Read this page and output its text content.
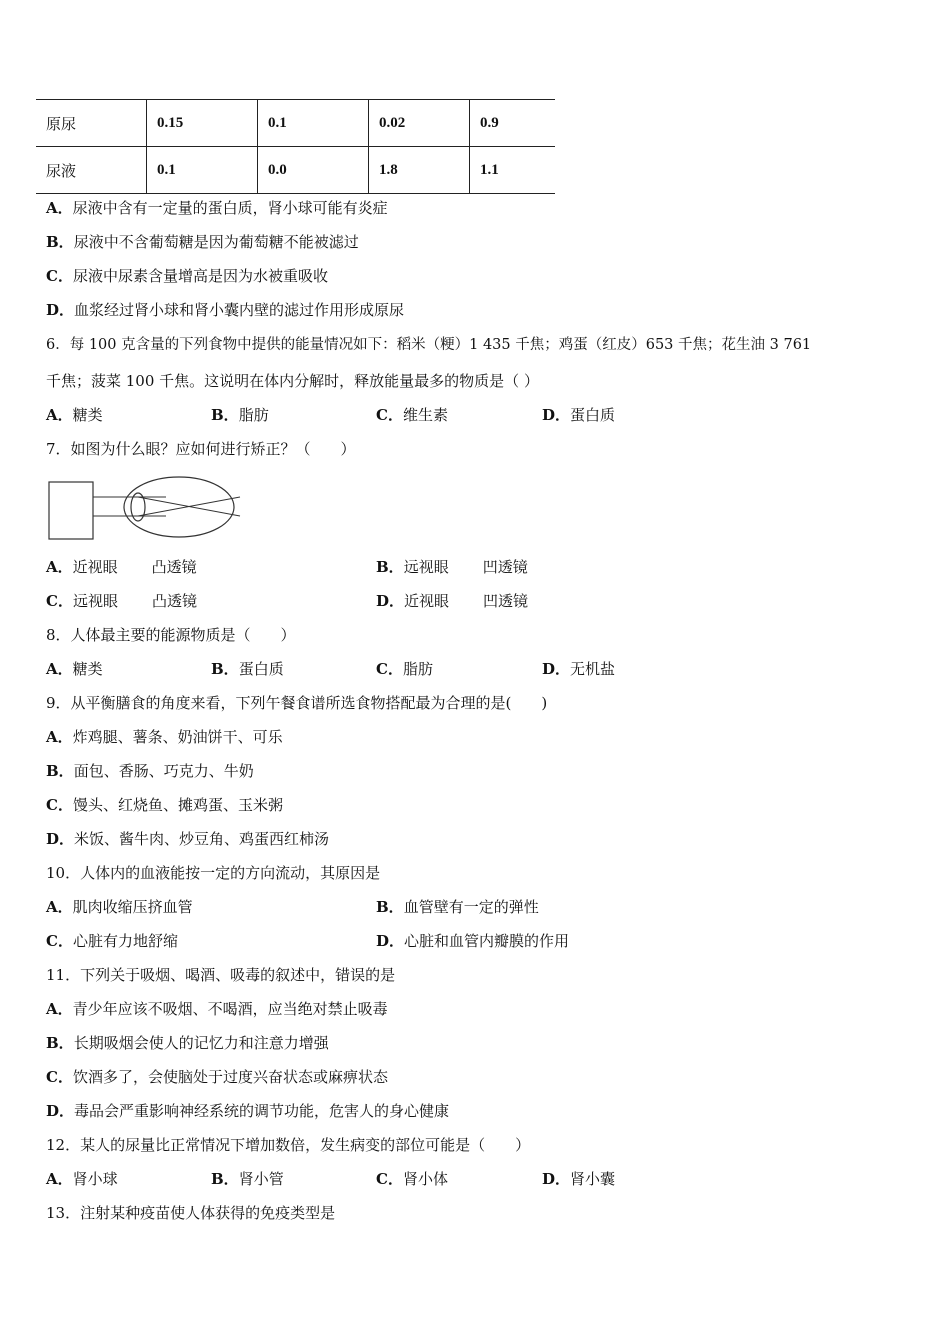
原尿	0.15	0.1	0.02	0.9
尿液	0.1	0.0	1.8	1.1
A．尿液中含有一定量的蛋白质，肾小球可能有炎症
B．尿液中不含葡萄糖是因为葡萄糖不能被滤过
C．尿液中尿素含量增高是因为水被重吸收
D．血浆经过肾小球和肾小囊内壁的滤过作用形成原尿
6．每 100 克含量的下列食物中提供的能量情况如下：稻米（粳）1 435 千焦；鸡蛋（红皮）653 千焦；花生油 3 761
千焦；菠菜 100 千焦。这说明在体内分解时，释放能量最多的物质是（ ）
A．糖类	B．脂肪	C．维生素	D．蛋白质
7．如图为什么眼？应如何进行矫正？（　　）
A．近视眼 凸透镜	B．远视眼 凹透镜
C．远视眼 凸透镜	D．近视眼 凹透镜
8．人体最主要的能源物质是（　　）
A．糖类	B．蛋白质	C．脂肪	D．无机盐
9．从平衡膳食的角度来看，下列午餐食谱所选食物搭配最为合理的是(　　)
A．炸鸡腿、薯条、奶油饼干、可乐
B．面包、香肠、巧克力、牛奶
C．馒头、红烧鱼、摊鸡蛋、玉米粥
D．米饭、酱牛肉、炒豆角、鸡蛋西红柿汤
10．人体内的血液能按一定的方向流动，其原因是
A．肌肉收缩压挤血管	B．血管壁有一定的弹性
C．心脏有力地舒缩	D．心脏和血管内瓣膜的作用
11．下列关于吸烟、喝酒、吸毒的叙述中，错误的是
A．青少年应该不吸烟、不喝酒，应当绝对禁止吸毒
B．长期吸烟会使人的记忆力和注意力增强
C．饮酒多了，会使脑处于过度兴奋状态或麻痹状态
D．毒品会严重影响神经系统的调节功能，危害人的身心健康
12．某人的尿量比正常情况下增加数倍，发生病变的部位可能是（　　）
A．肾小球	B．肾小管	C．肾小体	D．肾小囊
13．注射某种疫苗使人体获得的免疫类型是
